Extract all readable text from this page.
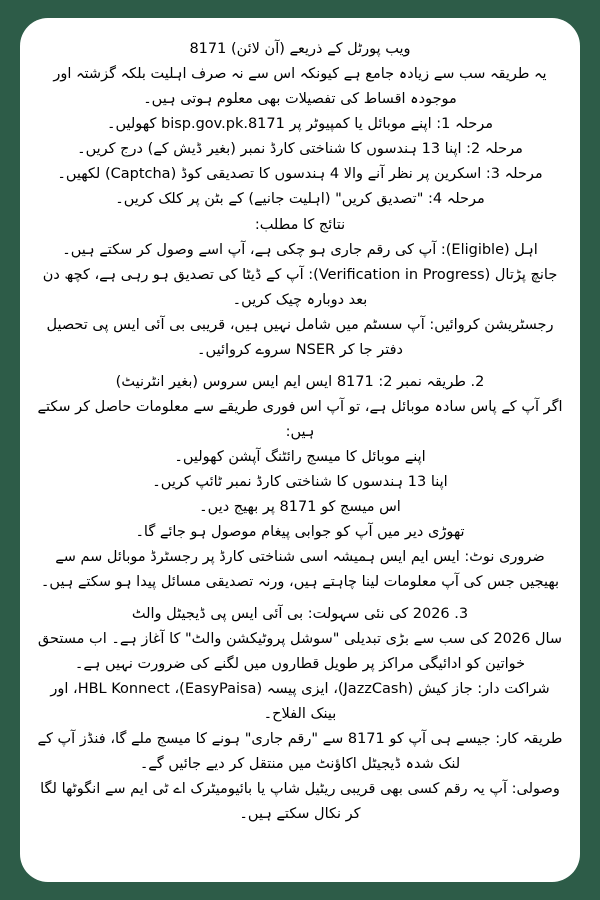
ویب پورٹل کے ذریعے (آن لائن) 8171

یہ طریقہ سب سے زیادہ جامع ہے کیونکہ اس سے نہ صرف اہلیت بلکہ گزشتہ اور موجودہ اقساط کی تفصیلات بھی معلوم ہوتی ہیں۔

مرحلہ 1: اپنے موبائل یا کمپیوٹر پر bisp.gov.pk.8171 کھولیں۔

مرحلہ 2: اپنا 13 ہندسوں کا شناختی کارڈ نمبر (بغیر ڈیش کے) درج کریں۔

مرحلہ 3: اسکرین پر نظر آنے والا 4 ہندسوں کا تصدیقی کوڈ (Captcha) لکھیں۔

مرحلہ 4: "تصدیق کریں" (اہلیت جانیے) کے بٹن پر کلک کریں۔

نتائج کا مطلب:

اہل (Eligible): آپ کی رقم جاری ہو چکی ہے، آپ اسے وصول کر سکتے ہیں۔

جانچ پڑتال (Verification in Progress): آپ کے ڈیٹا کی تصدیق ہو رہی ہے، کچھ دن بعد دوبارہ چیک کریں۔

رجسٹریشن کروائیں: آپ سسٹم میں شامل نہیں ہیں، قریبی بی آئی ایس پی تحصیل دفتر جا کر NSER سروے کروائیں۔

2. طریقہ نمبر 2: 8171 ایس ایم ایس سروس (بغیر انٹرنیٹ)

اگر آپ کے پاس سادہ موبائل ہے، تو آپ اس فوری طریقے سے معلومات حاصل کر سکتے ہیں:

اپنے موبائل کا میسج رائٹنگ آپشن کھولیں۔

اپنا 13 ہندسوں کا شناختی کارڈ نمبر ٹائپ کریں۔

اس میسج کو 8171 پر بھیج دیں۔

تھوڑی دیر میں آپ کو جوابی پیغام موصول ہو جائے گا۔

ضروری نوٹ: ایس ایم ایس ہمیشہ اسی شناختی کارڈ پر رجسٹرڈ موبائل سم سے بھیجیں جس کی آپ معلومات لینا چاہتے ہیں، ورنہ تصدیقی مسائل پیدا ہو سکتے ہیں۔

3. 2026 کی نئی سہولت: بی آئی ایس پی ڈیجیٹل والٹ

سال 2026 کی سب سے بڑی تبدیلی "سوشل پروٹیکشن والٹ" کا آغاز ہے۔ اب مستحق خواتین کو ادائیگی مراکز پر طویل قطاروں میں لگنے کی ضرورت نہیں ہے۔

شراکت دار: جاز کیش (JazzCash)، ایزی پیسہ (EasyPaisa)، HBL Konnect، اور بینک الفلاح۔

طریقہ کار: جیسے ہی آپ کو 8171 سے "رقم جاری" ہونے کا میسج ملے گا، فنڈز آپ کے لنک شدہ ڈیجیٹل اکاؤنٹ میں منتقل کر دیے جائیں گے۔

وصولی: آپ یہ رقم کسی بھی قریبی ریٹیل شاپ یا بائیومیٹرک اے ٹی ایم سے انگوٹھا لگا کر نکال سکتے ہیں۔
